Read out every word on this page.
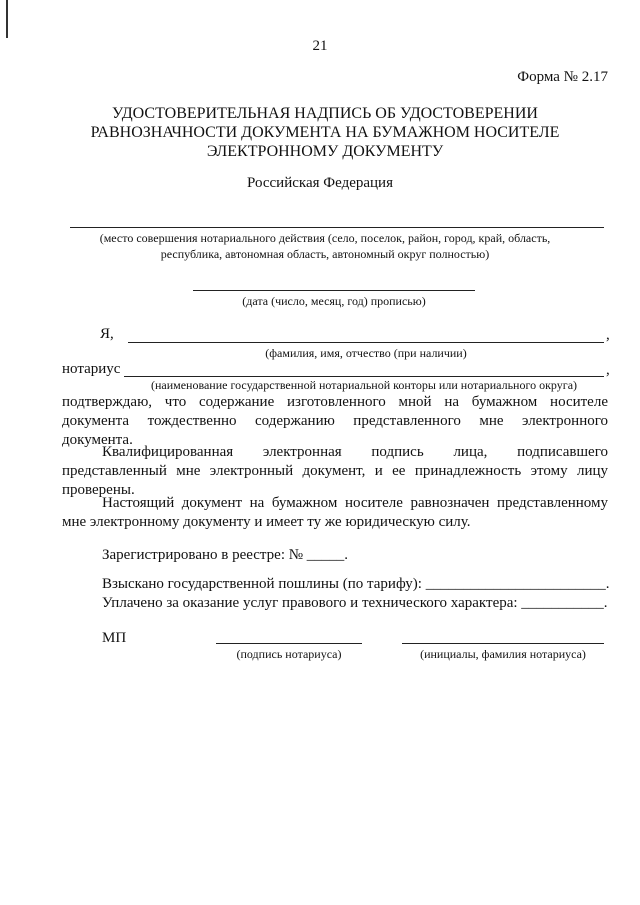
21
Форма № 2.17
УДОСТОВЕРИТЕЛЬНАЯ НАДПИСЬ ОБ УДОСТОВЕРЕНИИ
РАВНОЗНАЧНОСТИ ДОКУМЕНТА НА БУМАЖНОМ НОСИТЕЛЕ
ЭЛЕКТРОННОМУ ДОКУМЕНТУ
Российская Федерация
(место совершения нотариального действия (село, поселок, район, город, край, область,
республика, автономная область, автономный округ полностью)
(дата (число, месяц, год) прописью)
Я,	,
(фамилия, имя, отчество (при наличии)
нотариус	,
(наименование государственной нотариальной конторы или нотариального округа)
подтверждаю, что содержание изготовленного мной на бумажном носителе документа тождественно содержанию представленного мне электронного документа.
Квалифицированная электронная подпись лица, подписавшего представленный мне электронный документ, и ее принадлежность этому лицу проверены.
Настоящий документ на бумажном носителе равнозначен представленному мне электронному документу и имеет ту же юридическую силу.
Зарегистрировано в реестре: № _____.
Взыскано государственной пошлины (по тарифу): ________________________.
Уплачено за оказание услуг правового и технического характера: ___________.
МП
(подпись нотариуса)	(инициалы, фамилия нотариуса)
